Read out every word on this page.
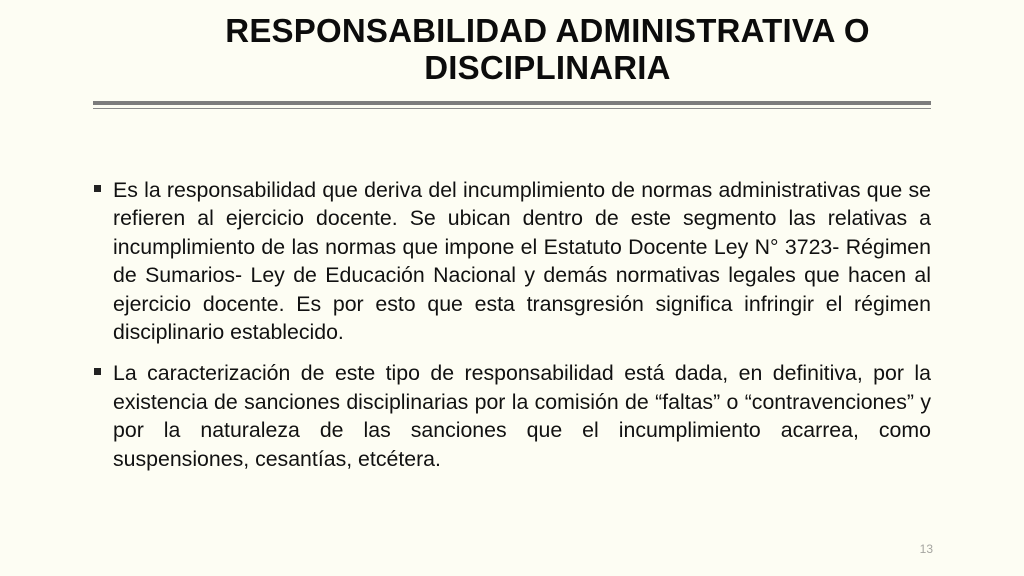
RESPONSABILIDAD ADMINISTRATIVA O
DISCIPLINARIA
Es la responsabilidad que deriva del incumplimiento de normas administrativas que se refieren al ejercicio docente. Se ubican dentro de este segmento las relativas a incumplimiento de las normas que impone el Estatuto Docente Ley N° 3723- Régimen de Sumarios- Ley de Educación Nacional y demás normativas legales que hacen al ejercicio docente. Es por esto que esta transgresión significa infringir el régimen disciplinario establecido.
La caracterización de este tipo de responsabilidad está dada, en definitiva, por la existencia de sanciones disciplinarias por la comisión de “faltas” o “contravenciones” y por la naturaleza de las sanciones que el incumplimiento acarrea, como suspensiones, cesantías, etcétera.
13
